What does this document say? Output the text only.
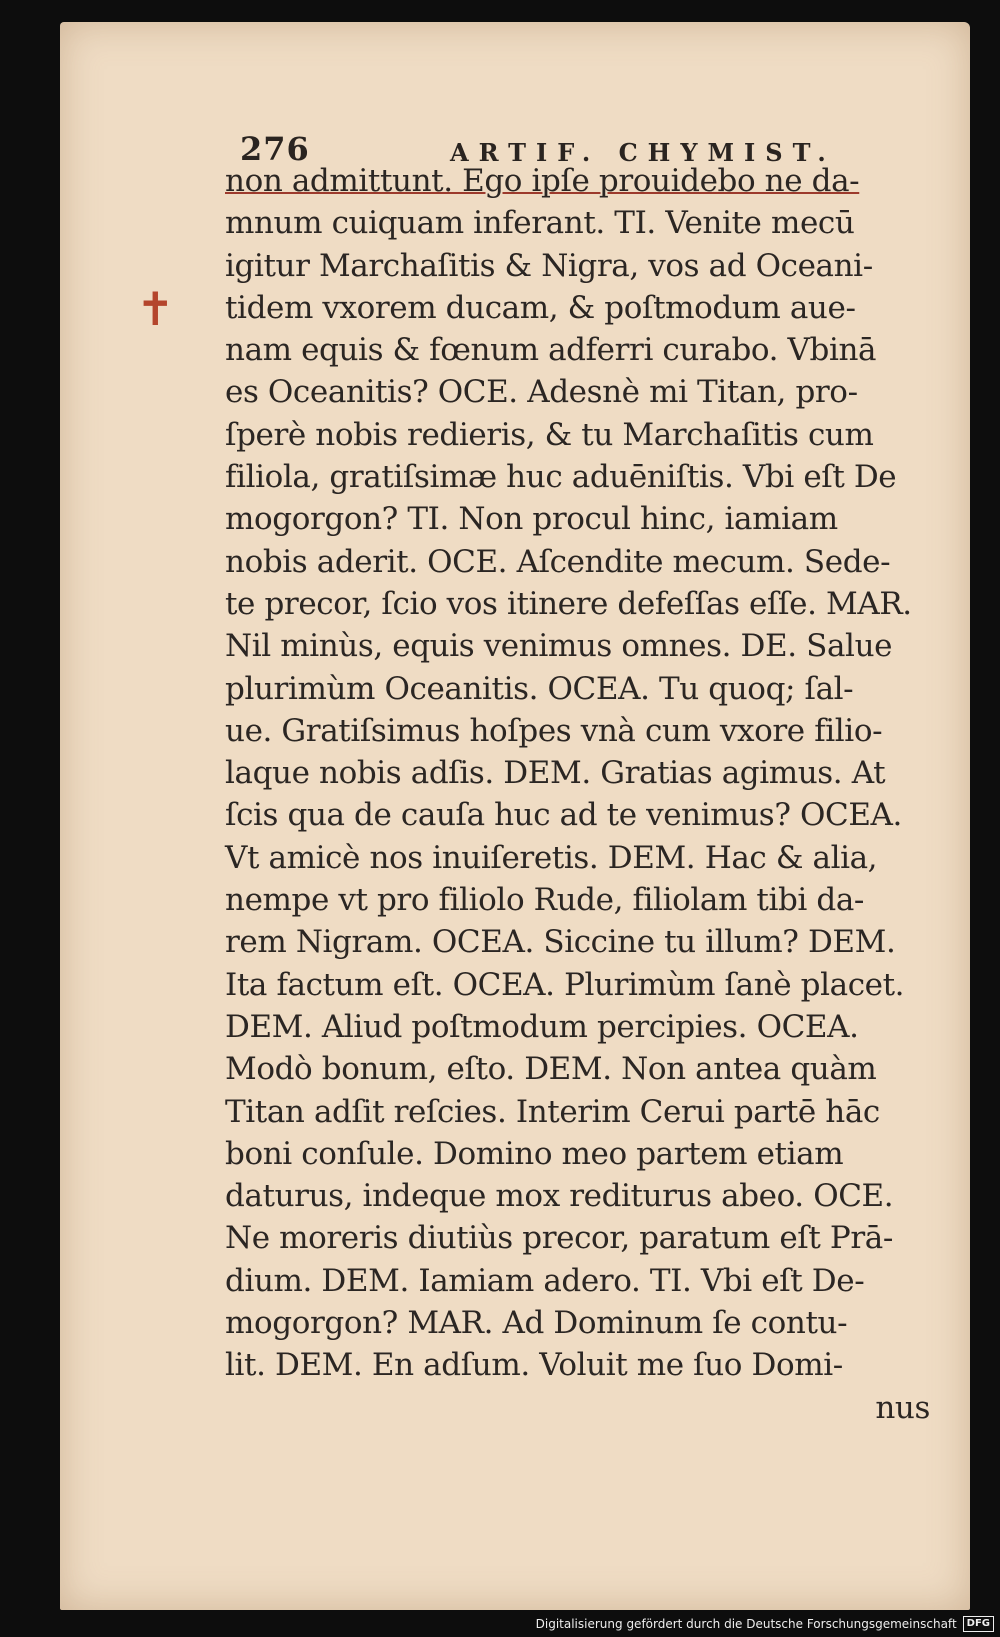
276	ARTIF. CHYMIST.
✝
non admittunt. Ego ipſe prouidebo ne da-
mnum cuiquam inferant. TI. Venite mecū
igitur Marchaſitis & Nigra, vos ad Oceani-
tidem vxorem ducam, & poſtmodum aue-
nam equis & fœnum adferri curabo. Vbinā
es Oceanitis? OCE. Adesnè mi Titan, pro-
ſperè nobis redieris, & tu Marchaſitis cum
filiola, gratiſsimæ huc aduēniſtis. Vbi eſt De
mogorgon? TI. Non procul hinc, iamiam
nobis aderit. OCE. Aſcendite mecum. Sede-
te precor, ſcio vos itinere defeſſas eſſe. MAR.
Nil minùs, equis venimus omnes. DE. Salue
plurimùm Oceanitis. OCEA. Tu quoq; ſal-
ue. Gratiſsimus hoſpes vnà cum vxore filio-
laque nobis adſis. DEM. Gratias agimus. At
ſcis qua de cauſa huc ad te venimus? OCEA.
Vt amicè nos inuiſeretis. DEM. Hac & alia,
nempe vt pro filiolo Rude, filiolam tibi da-
rem Nigram. OCEA. Siccine tu illum? DEM.
Ita factum eſt. OCEA. Plurimùm ſanè placet.
DEM. Aliud poſtmodum percipies. OCEA.
Modò bonum, eſto. DEM. Non antea quàm
Titan adſit reſcies. Interim Cerui partē hāc
boni conſule. Domino meo partem etiam
daturus, indeque mox rediturus abeo. OCE.
Ne moreris diutiùs precor, paratum eſt Prā-
dium. DEM. Iamiam adero. TI. Vbi eſt De-
mogorgon? MAR. Ad Dominum ſe contu-
lit. DEM. En adſum. Voluit me ſuo Domi-
nus
Digitalisierung gefördert durch die Deutsche Forschungsgemeinschaft	DFG
